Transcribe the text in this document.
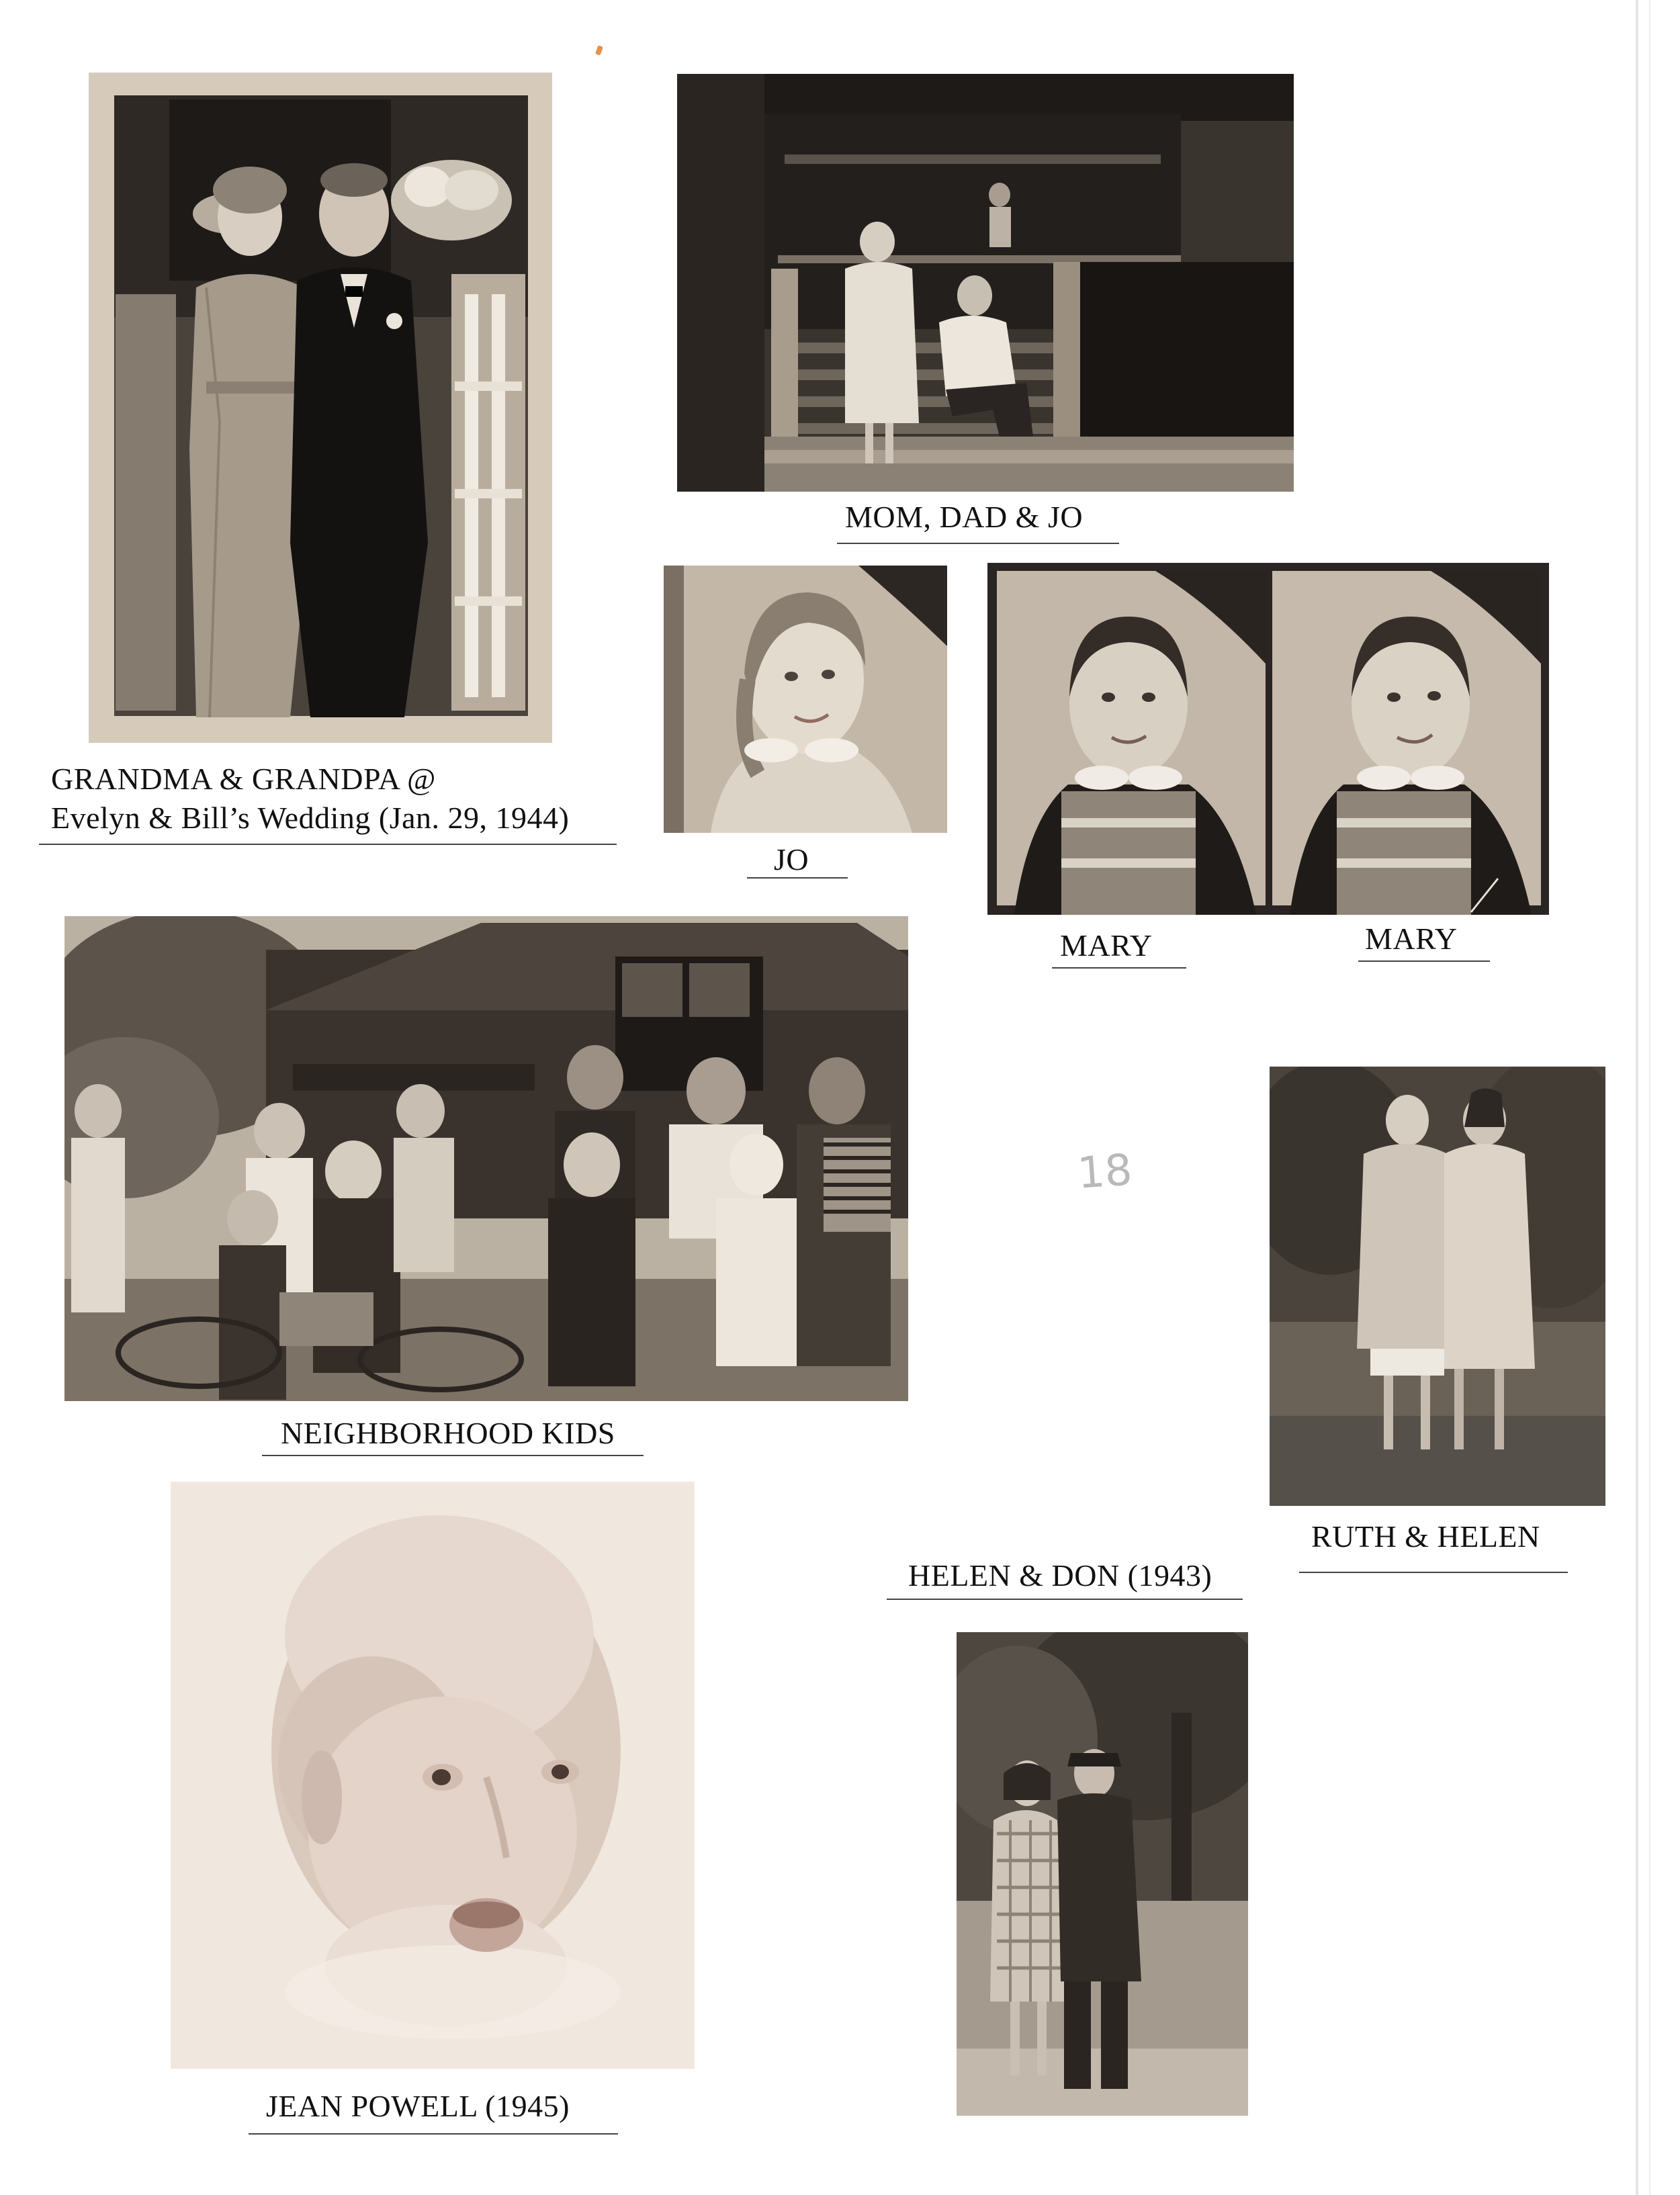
MOM, DAD & JO
JO
MARY	MARY
GRANDMA & GRANDPA @
Evelyn & Bill’s Wedding (Jan. 29, 1944)
NEIGHBORHOOD KIDS
18
RUTH & HELEN
JEAN POWELL (1945)
HELEN & DON (1943)
